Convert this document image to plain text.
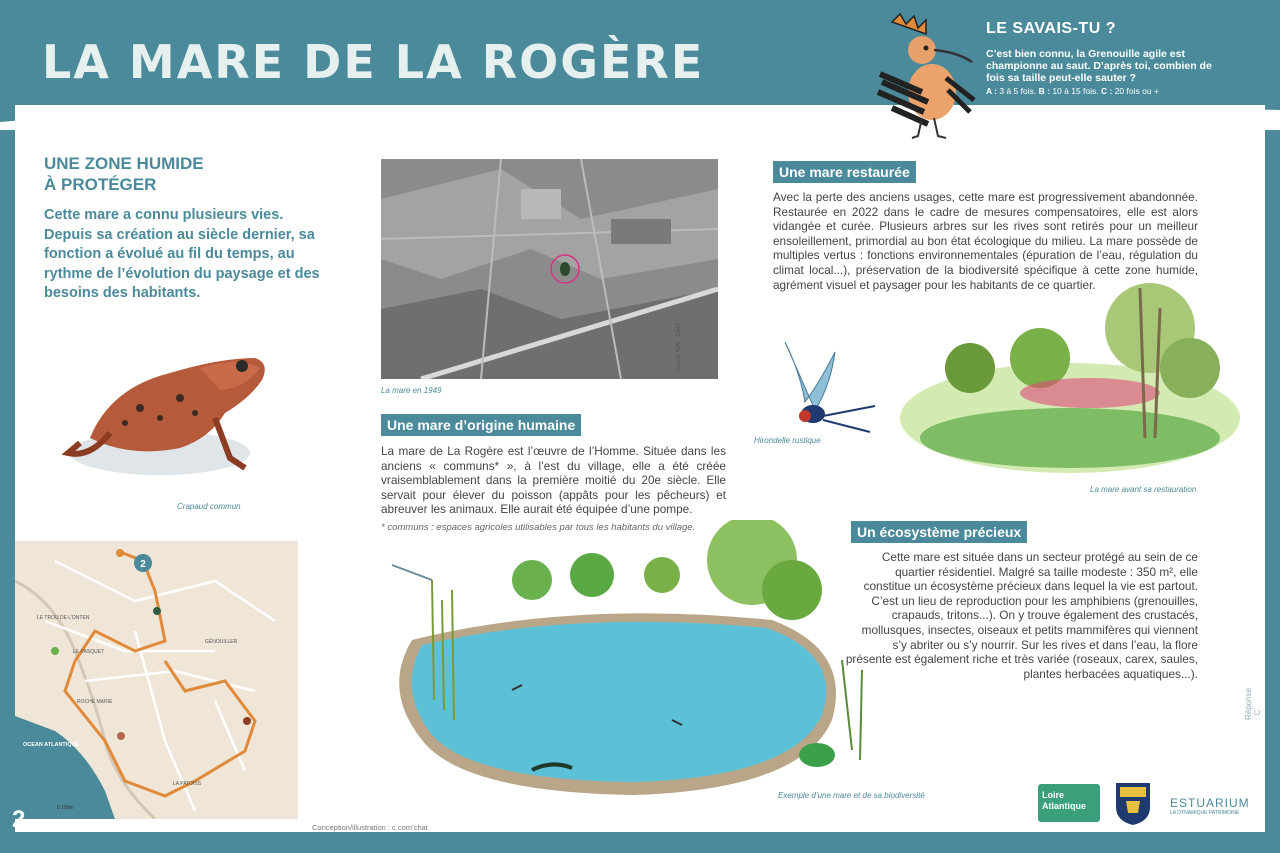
LA MARE DE LA ROGÈRE
LE SAVAIS-TU ?

C’est bien connu, la Grenouille agile est championne au saut. D’après toi, combien de fois sa taille peut-elle sauter ?

A : 3 à 5 fois. B : 10 à 15 fois. C : 20 fois ou +

UNE ZONE HUMIDE
À PROTÉGER
Cette mare a connu plusieurs vies. Depuis sa création au siècle dernier, sa fonction a évolué au fil du temps, au rythme de l’évolution du paysage et des besoins des habitants.
Crapaud commun
2
LE TROU DE L’ONTEN
LE PASQUET
ROCHE MARIE
OCEAN ATLANTIQUE
LA PATOISS
GÉNOUILLER
0 100m
La mare en 1949
©carte IGN - 1949
Une mare d’origine humaine
La mare de La Rogère est l’œuvre de l’Homme. Située dans les anciens « communs* », à l’est du village, elle a été créée vraisemblablement dans la première moitié du 20e siècle. Elle servait pour élever du poisson (appâts pour les pêcheurs) et abreuver les animaux. Elle aurait été équipée d’une pompe.
* communs : espaces agricoles utilisables par tous les habitants du village.
Une mare restaurée
Avec la perte des anciens usages, cette mare est progressivement abandonnée. Restaurée en 2022 dans le cadre de mesures compensatoires, elle est alors vidangée et curée. Plusieurs arbres sur les rives sont retirés pour un meilleur ensoleillement, primordial au bon état écologique du milieu. La mare possède de multiples vertus : fonctions environnementales (épuration de l’eau, régulation du climat local...), préservation de la biodiversité spécifique à cette zone humide, agrément visuel et paysager pour les habitants de ce quartier.
Hirondelle rustique
La mare avant sa restauration
Un écosystème précieux
Cette mare est située dans un secteur protégé au sein de ce quartier résidentiel. Malgré sa taille modeste : 350 m², elle constitue un écosystème précieux dans lequel la vie est partout. C’est un lieu de reproduction pour les amphibiens (grenouilles, crapauds, tritons...). On y trouve également des crustacés, mollusques, insectes, oiseaux et petits mammifères qui viennent s’y abriter ou s’y nourrir. Sur les rives et dans l’eau, la flore présente est également riche et très variée (roseaux, carex, saules, plantes herbacées aquatiques...).
Exemple d’une mare et de sa biodiversité
2 Parcours nature de la Bernerie-en-Retz - 2026	Conception/illustration : c.com’chat
Réponse : C
Loire
Atlantique	ESTUARIUM
LA DYNAMIQUE PATRIMOINE
